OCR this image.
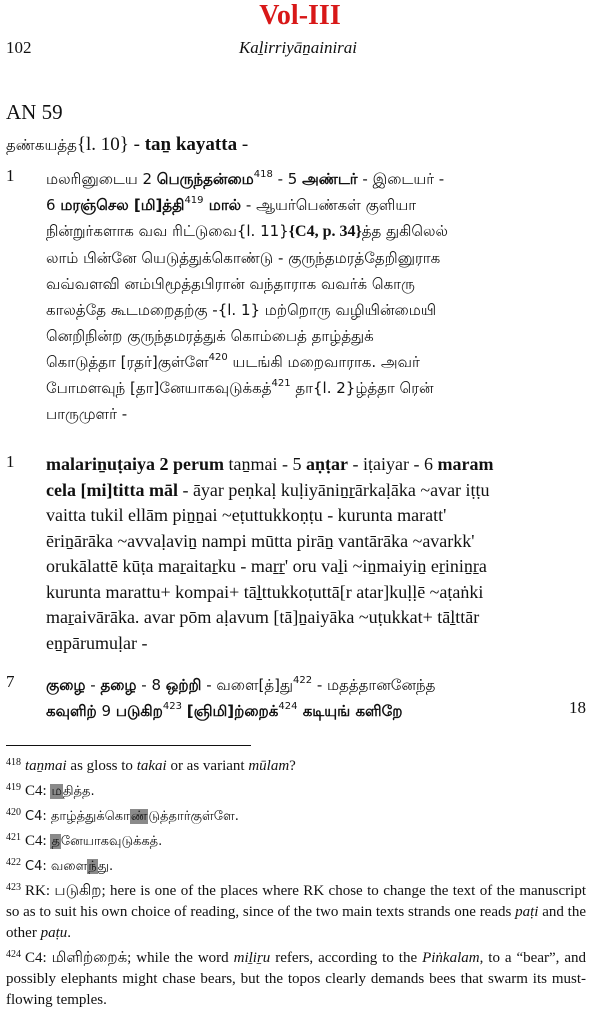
Vol-III
102	Kaḻirriyāṉainirai
AN 59
தண்கயத்த{l. 10} - taṉ kayatta -
1 மலரினுடைய 2 பெருந்தன்மை$^{418}$ - 5 அண்டர் - இடையர் -
6 மரஞ்செல [மி]த்தி$^{419}$ மால் - ஆயர்பெண்கள் குளியா
நின்றுர்களாக வவ ரிட்டுவை{l. 11}{C4, p. 34}த்த துகிலெல்
லாம் பின்னே யெடுத்துக்கொண்டு - குருந்தமரத்தேறினுராக
வவ்வளவி னம்பிமூத்தபிரான் வந்தாராக வவர்க் கொரு
காலத்தே கூடமறைதற்கு -{l. 1} மற்றொரு வழியின்மையி
னெறிநின்ற குருந்தமரத்துக் கொம்பைத் தாழ்த்துக்
கொடுத்தா [ரதர்]குள்ளே$^{420}$ யடங்கி மறைவாராக. அவர்
போமளவுந் [தா]னேயாகவுடுக்கத்$^{421}$ தா{l. 2}ழ்த்தா ரென்
பாருமுளர் -
1 malariṉuṭaiya 2 perum taṉmai - 5 aṇṭar - iṭaiyar - 6 maram
cela [mi]titta māl - āyar peṇkaḷ kuḷiyāniṉṟārkaḷāka ~avar iṭṭu
vaitta tukil ellām piṉṉai ~eṭuttukkoṇṭu - kurunta maratt'
ēriṉārāka ~avvaḷaviṉ nampi mūtta pirāṉ vantārāka ~avarkk'
orukālattē kūṭa maṟaitaṟku - maṟṟ' oru vaḻi ~iṉmaiyiṉ eṟiniṉṟa
kurunta marattu+ kompai+ tāḻttukkoṭuttā[r atar]kuḷḷē ~aṭaṅki
maṟaivārāka. avar pōm aḷavum [tā]ṉaiyāka ~uṭukkat+ tāḻttār
eṉpārumuḷar -
7
18
குழை - தழை - 8 ஒற்றி - வளை[த்]து$^{422}$ - மதத்தானனேந்த
கவுளிற் 9 படுகிற$^{423}$ [ஞிமி]ற்றைக்$^{424}$ கடியுங் களிறே
$^{418}$ taṉmai as gloss to takai or as variant mūlam?
$^{419}$ C4: மதித்த.
$^{420}$ C4: தாழ்த்துக்கொண்டுத்தார்குள்ளே.
$^{421}$ C4: தனேயாகவுடுக்கத்.
$^{422}$ C4: வளைந்து.
$^{423}$ RK: படுகிற; here is one of the places where RK chose to change the text of the manuscript so as to suit his own choice of reading, since of the two main texts strands one reads paṭi and the other paṭu.
$^{424}$ C4: மிளிற்றைக்; while the word miḻiṟu refers, according to the Piṅkalam, to a “bear”, and possibly elephants might chase bears, but the topos clearly demands bees that swarm its must-flowing temples.
